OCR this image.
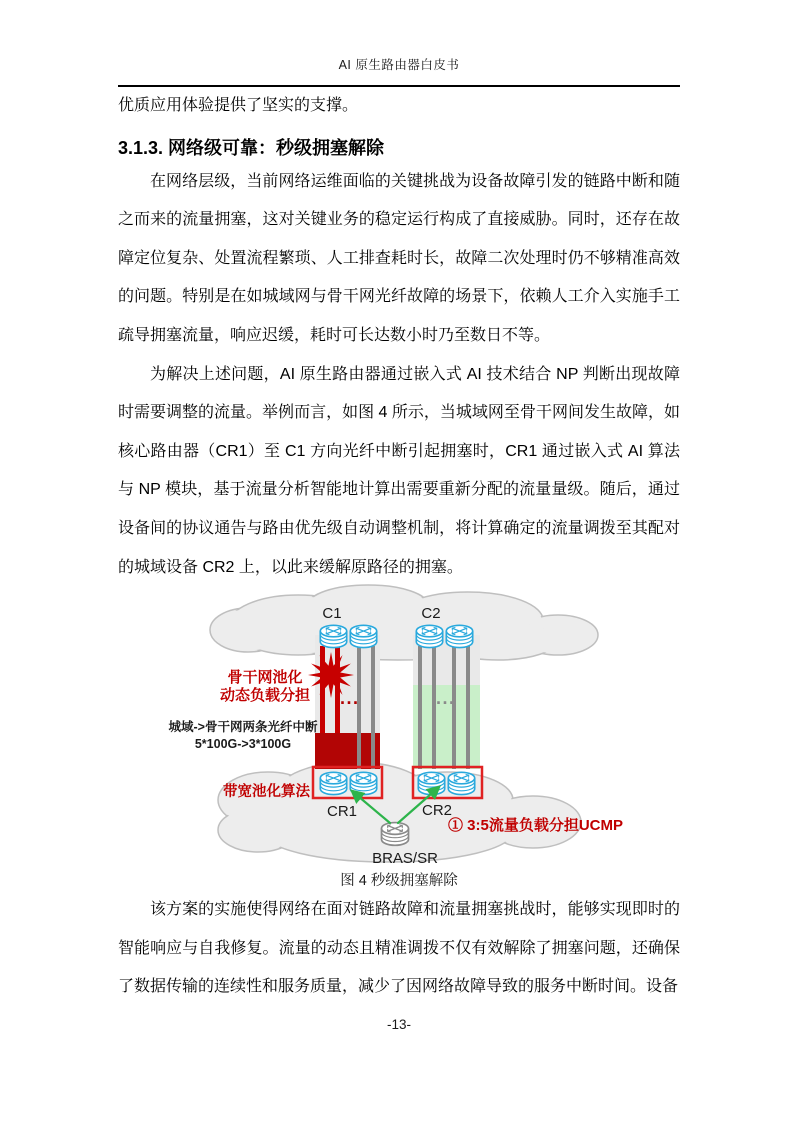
AI 原生路由器白皮书

优质应用体验提供了坚实的支撑。

3.1.3. 网络级可靠：秒级拥塞解除

在网络层级，当前网络运维面临的关键挑战为设备故障引发的链路中断和随之而来的流量拥塞，这对关键业务的稳定运行构成了直接威胁。同时，还存在故障定位复杂、处置流程繁琐、人工排查耗时长，故障二次处理时仍不够精准高效的问题。特别是在如城域网与骨干网光纤故障的场景下，依赖人工介入实施手工疏导拥塞流量，响应迟缓，耗时可长达数小时乃至数日不等。

为解决上述问题，AI 原生路由器通过嵌入式 AI 技术结合 NP 判断出现故障时需要调整的流量。举例而言，如图 4 所示，当城域网至骨干网间发生故障，如核心路由器（CR1）至 C1 方向光纤中断引起拥塞时，CR1 通过嵌入式 AI 算法与 NP 模块，基于流量分析智能地计算出需要重新分配的流量量级。随后，通过设备间的协议通告与路由优先级自动调整机制，将计算确定的流量调拨至其配对的城域设备 CR2 上，以此来缓解原路径的拥塞。

...	...
C1	C2
CR1	CR2
BRAS/SR
骨干网池化
动态负载分担
城域->骨干网两条光纤中断
5*100G->3*100G
带宽池化算法
① 3:5流量负载分担UCMP

图 4 秒级拥塞解除

该方案的实施使得网络在面对链路故障和流量拥塞挑战时，能够实现即时的智能响应与自我修复。流量的动态且精准调拨不仅有效解除了拥塞问题，还确保了数据传输的连续性和服务质量，减少了因网络故障导致的服务中断时间。设备

-13-
